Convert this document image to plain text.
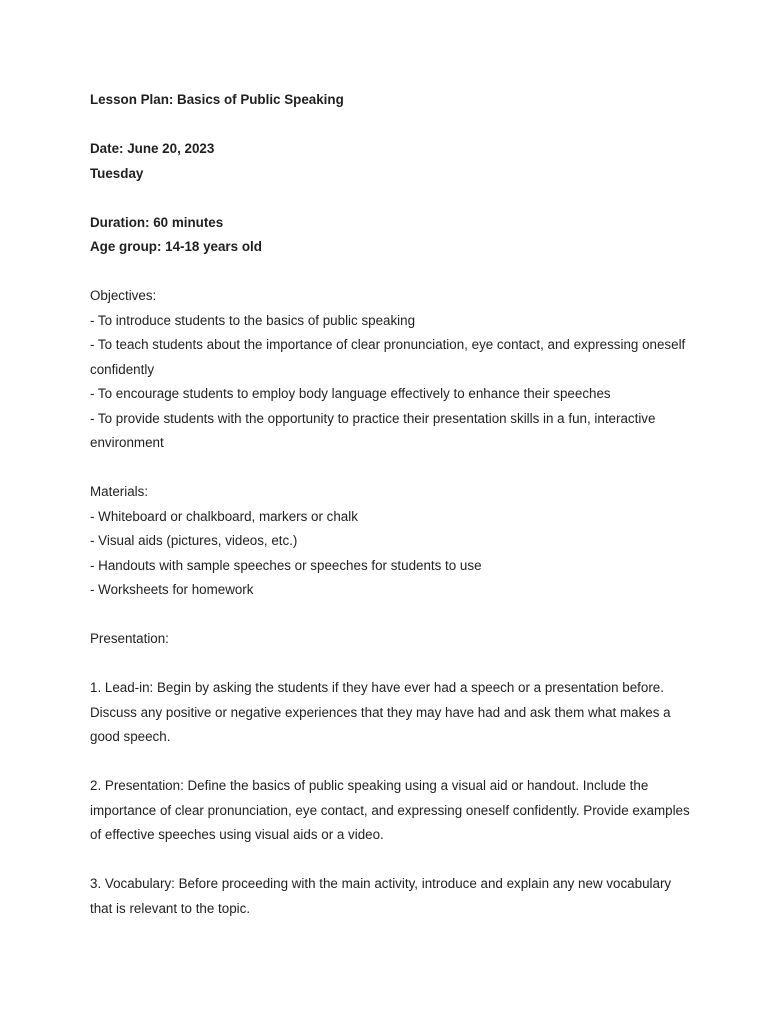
Lesson Plan: Basics of Public Speaking
Date: June 20, 2023
Tuesday
Duration: 60 minutes
Age group: 14-18 years old
Objectives:
- To introduce students to the basics of public speaking
- To teach students about the importance of clear pronunciation, eye contact, and expressing oneself confidently
- To encourage students to employ body language effectively to enhance their speeches
- To provide students with the opportunity to practice their presentation skills in a fun, interactive environment
Materials:
- Whiteboard or chalkboard, markers or chalk
- Visual aids (pictures, videos, etc.)
- Handouts with sample speeches or speeches for students to use
- Worksheets for homework
Presentation:

1. Lead-in: Begin by asking the students if they have ever had a speech or a presentation before. Discuss any positive or negative experiences that they may have had and ask them what makes a good speech.

2. Presentation: Define the basics of public speaking using a visual aid or handout. Include the importance of clear pronunciation, eye contact, and expressing oneself confidently. Provide examples of effective speeches using visual aids or a video.

3. Vocabulary: Before proceeding with the main activity, introduce and explain any new vocabulary that is relevant to the topic.
